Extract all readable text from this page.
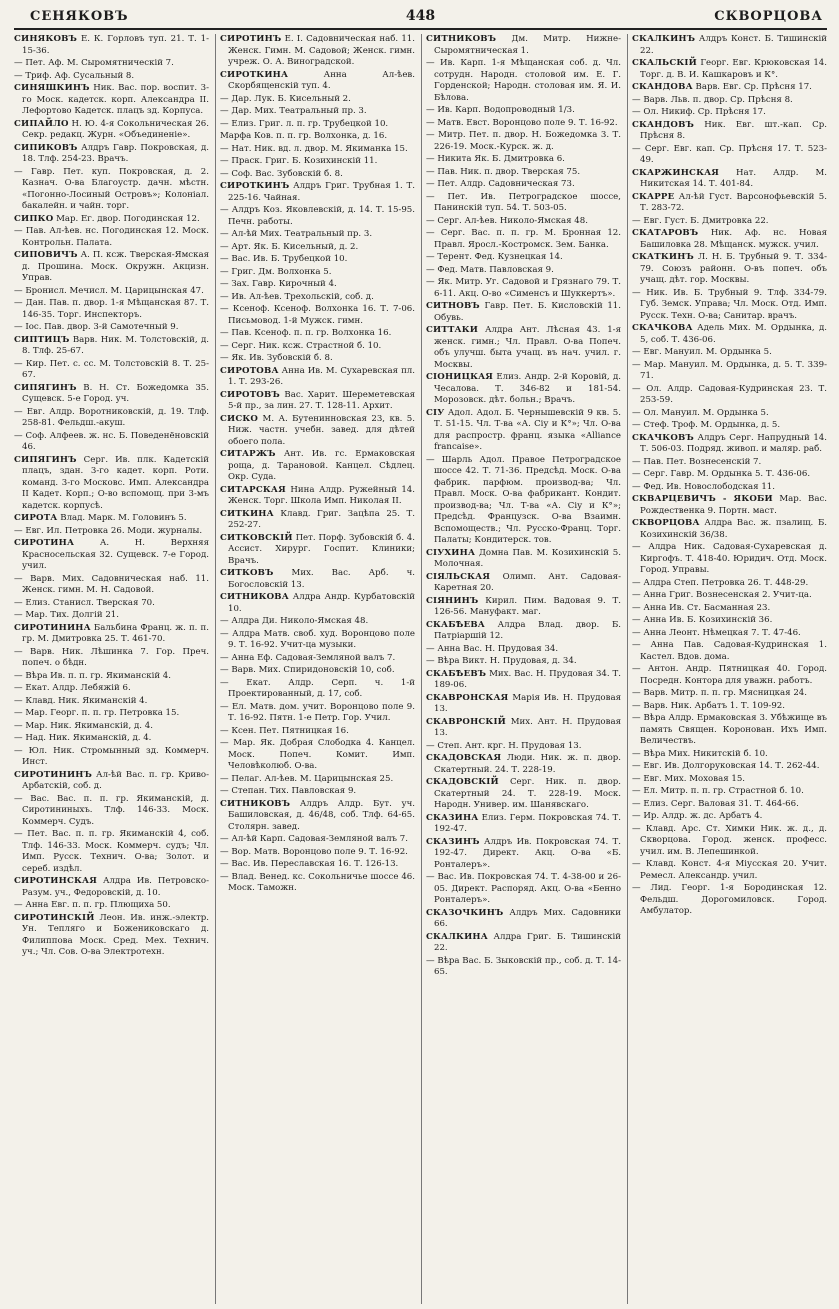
СЕНЯКОВЪ	448	СКВОРЦОВА

СИНЯКОВЪ Е. К. Горловъ туп. 21. Т. 1-15-36.

— Пет. Аф. М. Сыромятническій 7.

— Триф. Аф. Сусальный 8.

СИНЯШКИНЪ Ник. Вас. пор. воспит. 3-го Моск. кадетск. корп. Александра II. Лефортово Кадетск. плацъ зд. Корпуса.

СИПАЙЛО Н. Ю. 4-я Сокольническая 26. Секр. редакц. Журн. «Объединеніе».

СИПИКОВЪ Алдръ Гавр. Покровская, д. 18. Тлф. 254-23. Врачъ.

— Гавр. Пет. куп. Покровская, д. 2. Казнач. О-ва Благоустр. дачн. мѣстн. «Погонно-Лосиный Островъ»; Колоніал. бакалейн. и чайн. торг.

СИПКО Мар. Ег. двор. Погодинская 12.

— Пав. Ал-ѣев. нс. Погодинская 12. Моск. Контрольн. Палата.

СИПОВИЧЪ А. П. ксж. Тверская-Ямская д. Прошина. Моск. Окружн. Акцизн. Управ.

— Бронисл. Мечисл. М. Царицынская 47.

— Дан. Пав. п. двор. 1-я Мѣщанская 87. Т. 146-35. Торг. Инспекторъ.

— Іос. Пав. двор. 3-й Самотечный 9.

СИПТИЦЪ Варв. Ник. М. Толстовскій, д. 8. Тлф. 25-67.

— Кир. Пет. с. сс. М. Толстовскій 8. Т. 25-67.

СИПЯГИНЪ В. Н. Ст. Божедомка 35. Сущевск. 5-е Город. уч.

— Евг. Алдр. Воротниковскій, д. 19. Тлф. 258-81. Фельдш.-акуш.

— Соф. Алфеев. ж. нс. Б. Поведенёновскій 46.

СИПЯГИНЪ Серг. Ив. плк. Кадетскій плацъ, здан. 3-го кадет. корп. Роти. команд. 3-го Московс. Имп. Александра II Кадет. Корп.; О-во вспомощ. при 3-мъ кадетск. корпусѣ.

СИРОТА Влад. Марк. М. Головинъ 5.

— Евг. Ил. Петровка 26. Моди. журналы.

СИРОТИНА А. Н. Верхняя Красносельская 32. Сущевск. 7-е Город. учил.

— Варв. Мих. Садовническая наб. 11. Женск. гимн. М. Н. Садовой.

— Елиз. Станисл. Тверская 70.

— Мар. Тих. Долгій 21.

СИРОТИНИНА Бальбина Франц. ж. п. п. гр. М. Дмитровка 25. Т. 461-70.

— Варв. Ник. Лѣшинка 7. Гор. Преч. попеч. о бѣдн.

— Вѣра Ив. п. п. гр. Якиманскій 4.

— Екат. Алдр. Лебяжій 6.

— Клавд. Ник. Якиманскій 4.

— Мар. Георг. п. п. гр. Петровка 15.

— Мар. Ник. Якиманскій, д. 4.

— Над. Ник. Якиманскій, д. 4.

— Юл. Ник. Стромынный зд. Коммерч. Инст.

СИРОТИНИНЪ Ал-ѣй Вас. п. гр. Криво-Арбатскій, соб. д.

— Вас. Вас. п. п. гр. Якиманскій, д. Сиротининыхъ. Тлф. 146-33. Моск. Коммерч. Судъ.

— Пет. Вас. п. п. гр. Якиманскій 4, соб. Тлф. 146-33. Моск. Коммерч. судъ; Чл. Имп. Русск. Технич. О-ва; Золот. и сереб. издѣл.

СИРОТИНСКАЯ Алдра Ив. Петровско-Разум. уч., Федоровскій, д. 10.

— Анна Евг. п. п. гр. Плющиха 50.

СИРОТИНСКІЙ Леон. Ив. инж.-электр. Ун. Тепляго и Божениковскаго д. Филиппова Моск. Сред. Мех. Технич. уч.; Чл. Сов. О-ва Электротехн.

СИРОТИНЪ Е. І. Садовническая наб. 11. Женск. Гимн. М. Садовой; Женск. гимн. учреж. О. А. Виноградской.

СИРОТКИНА Анна Ал-ѣев. Скорбященскій туп. 4.

— Дар. Лук. Б. Кисельный 2.

— Дар. Мих. Театральный пр. 3.

— Елиз. Григ. л. п. гр. Трубецкой 10.

Марфа Ков. п. п. гр. Волхонка, д. 16.

— Нат. Ник. вд. л. двор. М. Якиманка 15.

— Праск. Григ. Б. Козихинскій 11.

— Соф. Вас. Зубовскій б. 8.

СИРОТКИНЪ Алдръ Григ. Трубная 1. Т. 225-16. Чайная.

— Алдръ Коз. Яковлевскій, д. 14. Т. 15-95. Печн. работы.

— Ал-ѣй Мих. Театральный пр. 3.

— Арт. Як. Б. Кисельный, д. 2.

— Вас. Ив. Б. Трубецкой 10.

— Григ. Дм. Волхонка 5.

— Зах. Гавр. Кирочный 4.

— Ив. Ал-ѣев. Трехольскій, соб. д.

— Ксеноф. Ксеноф. Волхонка 16. Т. 7-06. Письмовод. 1-й Мужск. гимн.

— Пав. Ксеноф. п. п. гр. Волхонка 16.

— Серг. Ник. ксж. Страстной б. 10.

— Як. Ив. Зубовскій б. 8.

СИРОТОВА Анна Ив. М. Сухаревская пл. 1. Т. 293-26.

СИРОТОВЪ Вас. Харит. Шереметевская 5-й пр., за лин. 27. Т. 128-11. Архит.

СИСКО М. А. Бутенинновская 23, кв. 5. Ниж. частн. учебн. завед. для дѣтей обоего пола.

СИТАРЖЪ Ант. Ив. гс. Ермаковская роща, д. Тарановой. Канцел. Сѣдлец. Окр. Суда.

СИТАРСКАЯ Нина Алдр. Ружейный 14. Женск. Торг. Школа Имп. Николая II.

СИТКИНА Клавд. Григ. Зацѣпа 25. Т. 252-27.

СИТКОВСКІЙ Пет. Порф. Зубовскій б. 4. Ассист. Хирург. Госпит. Клиники; Врачъ.

СИТКОВЪ Мих. Вас. Арб. ч. Богословскій 13.

СИТНИКОВА Алдра Андр. Курбатовскій 10.

— Алдра Ди. Николо-Ямская 48.

— Алдра Матв. своб. худ. Воронцово поле 9. Т. 16-92. Учит-ца музыки.

— Анна Еф. Садовая-Земляной валъ 7.

— Варв. Мих. Спиридоновскій 10, соб.

— Екат. Алдр. Серп. ч. 1-й Проектированный, д. 17, соб.

— Ел. Матв. дом. учит. Воронцово поле 9. Т. 16-92. Пятн. 1-е Петр. Гор. Учил.

— Ксен. Пет. Пятницкая 16.

— Мар. Як. Добрая Слободка 4. Канцел. Моск. Попеч. Комит. Имп. Человѣколюб. О-ва.

— Пелаг. Ал-ѣев. М. Царицынская 25.

— Степан. Тих. Павловская 9.

СИТНИКОВЪ Алдръ Алдр. Бут. уч. Башиловская, д. 46/48, соб. Тлф. 64-65. Столярн. завед.

— Ал-ѣй Карп. Садовая-Земляной валъ 7.

— Вор. Матв. Воронцово поле 9. Т. 16-92.

— Вас. Ив. Переславская 16. Т. 126-13.

— Влад. Венед. кс. Сокольничье шоссе 46. Моск. Таможн.

СИТНИКОВЪ Дм. Митр. Нижне-Сыромятническая 1.

— Ив. Карп. 1-я Мѣщанская соб. д. Чл. сотрудн. Народн. столовой им. Е. Г. Горденской; Народн. столовая им. Я. И. Бѣлова.

— Ив. Карп. Водопроводный 1/3.

— Матв. Евст. Воронцово поле 9. Т. 16-92.

— Митр. Пет. п. двор. Н. Божедомка 3. Т. 226-19. Моск.-Курск. ж. д.

— Никита Як. Б. Дмитровка 6.

— Пав. Ник. п. двор. Тверская 75.

— Пет. Алдр. Садовническая 73.

— Пет. Ив. Петроградское шоссе, Панинскій туп. 54. Т. 503-05.

— Серг. Ал-ѣев. Николо-Ямская 48.

— Серг. Вас. п. п. гр. М. Бронная 12. Правл. Яросл.-Костромск. Зем. Банка.

— Терент. Фед. Кузнецкая 14.

— Фед. Матв. Павловская 9.

— Як. Митр. Уг. Садовой и Грязнаго 79. Т. 6-11. Акц. О-во «Сименсъ и Шуккертъ».

СИТНОВЪ Гавр. Пет. Б. Кисловскій 11. Обувь.

СИТТАКИ Алдра Ант. Лѣсная 43. 1-я женск. гимн.; Чл. Правл. О-ва Попеч. объ улучш. быта учащ. въ нач. учил. г. Москвы.

СІОНИЦКАЯ Елиз. Андр. 2-й Коровій, д. Чесалова. Т. 346-82 и 181-54. Морозовск. дѣт. больн.; Врачъ.

СІУ Адол. Адол. Б. Чернышевскій 9 кв. 5. Т. 51-15. Чл. Т-ва «А. Сіу и К°»; Чл. О-ва для распростр. франц. языка «Alliance francaise».

— Шарль Адол. Правое Петроградское шоссе 42. Т. 71-36. Предсѣд. Моск. О-ва фабрик. парфюм. производ-ва; Чл. Правл. Моск. О-ва фабрикант. Кондит. производ-ва; Чл. Т-ва «А. Сіу и К°»; Предсѣд. Французск. О-ва Взаимн. Вспомоществ.; Чл. Русско-Франц. Торг. Палаты; Кондитерск. тов.

СІУХИНА Домна Пав. М. Козихинскій 5. Молочная.

СІЯЛЬСКАЯ Олимп. Ант. Садовая-Каретная 20.

СІЯНИНЪ Кирил. Пим. Вадовая 9. Т. 126-56. Мануфакт. маг.

СКАБѢЕВА Алдра Влад. двор. Б. Патріаршій 12.

— Анна Вас. Н. Прудовая 34.

— Вѣра Викт. Н. Прудовая, д. 34.

СКАБѢЕВЪ Мих. Вас. Н. Прудовая 34. Т. 189-06.

СКАВРОНСКАЯ Марія Ив. Н. Прудовая 13.

СКАВРОНСКІЙ Мих. Ант. Н. Прудовая 13.

— Степ. Ант. крг. Н. Прудовая 13.

СКАДОВСКАЯ Люди. Ник. ж. п. двор. Скатертный. 24. Т. 228-19.

СКАДОВСКІЙ Серг. Ник. п. двор. Скатертный 24. Т. 228-19. Моск. Народн. Универ. им. Шанявскаго.

СКАЗИНА Елиз. Герм. Покровская 74. Т. 192-47.

СКАЗИНЪ Алдръ Ив. Покровская 74. Т. 192-47. Директ. Акц. О-ва «Б. Ронталеръ».

— Вас. Ив. Покровская 74. Т. 4-38-00 и 26-05. Директ. Распоряд. Акц. О-ва «Бенно Ронталеръ».

СКАЗОЧКИНЪ Алдръ Мих. Садовники 66.

СКАЛКИНА Алдра Григ. Б. Тишинскій 22.

— Вѣра Вас. Б. Зыковскій пр., соб. д. Т. 14-65.

СКАЛКИНЪ Алдръ Конст. Б. Тишинскій 22.

СКАЛЬСКІЙ Георг. Евг. Крюковская 14. Торг. д. В. И. Кашкаровъ и К°.

СКАНДОВА Варв. Евг. Ср. Прѣсня 17.

— Варв. Льв. п. двор. Ср. Прѣсня 8.

— Ол. Никиф. Ср. Прѣсня 17.

СКАНДОВЪ Ник. Евг. шт.-кап. Ср. Прѣсня 8.

— Серг. Евг. кап. Ср. Прѣсня 17. Т. 523-49.

СКАРЖИНСКАЯ Нат. Алдр. М. Никитская 14. Т. 401-84.

СКАРРЕ Ал-ѣй Густ. Варсонофьевскій 5. Т. 283-72.

— Евг. Густ. Б. Дмитровка 22.

СКАТАРОВЪ Ник. Аф. нс. Новая Башиловка 28. Мѣщанск. мужск. учил.

СКАТКИНЪ Л. Н. Б. Трубный 9. Т. 334-79. Союзъ районн. О-въ попеч. объ учащ. дѣт. гор. Москвы.

— Ник. Ив. Б. Трубный 9. Тлф. 334-79. Губ. Земск. Управа; Чл. Моск. Отд. Имп. Русск. Техн. О-ва; Санитар. врачъ.

СКАЧКОВА Адель Мих. М. Ордынка, д. 5, соб. Т. 436-06.

— Евг. Мануил. М. Ордынка 5.

— Мар. Мануил. М. Ордынка, д. 5. Т. 339-71.

— Ол. Алдр. Садовая-Кудринская 23. Т. 253-59.

— Ол. Мануил. М. Ордынка 5.

— Стеф. Троф. М. Ордынка, д. 5.

СКАЧКОВЪ Алдръ Серг. Напрудный 14. Т. 506-03. Подряд. живоп. и маляр. раб.

— Пав. Пет. Вознесенскій 7.

— Серг. Гавр. М. Ордынка 5. Т. 436-06.

— Фед. Ив. Новослободская 11.

СКВАРЦЕВИЧЪ - ЯКОБИ Мар. Вас. Рождественка 9. Портн. маст.

СКВОРЦОВА Алдра Вас. ж. пзалищ. Б. Козихинскій 36/38.

— Алдра Ник. Садовая-Сухаревская д. Киргофъ. Т. 418-40. Юридич. Отд. Моск. Город. Управы.

— Алдра Степ. Петровка 26. Т. 448-29.

— Анна Григ. Вознесенская 2. Учит-ца.

— Анна Ив. Ст. Басманная 23.

— Анна Ив. Б. Козихинскій 36.

— Анна Леонт. Нѣмецкая 7. Т. 47-46.

— Анна Пав. Садовая-Кудринская 1. Кастел. Вдов. дома.

— Антон. Андр. Пятницкая 40. Город. Посредн. Контора для уважн. работъ.

— Варв. Митр. п. п. гр. Мясницкая 24.

— Варв. Ник. Арбатъ 1. Т. 109-92.

— Вѣра Алдр. Ермаковская 3. Убѣжище въ память Священ. Коронован. Ихъ Имп. Величествъ.

— Вѣра Мих. Никитскій б. 10.

— Евг. Ив. Долгоруковская 14. Т. 262-44.

— Евг. Мих. Моховая 15.

— Ел. Митр. п. п. гр. Страстной б. 10.

— Елиз. Серг. Валовая 31. Т. 464-66.

— Ир. Алдр. ж. дс. Арбатъ 4.

— Клавд. Арс. Ст. Химки Ник. ж. д., д. Скворцова. Город. женск. професс. учил. им. В. Лепешинкой.

— Клавд. Конст. 4-я Міусская 20. Учит. Ремесл. Александр. учил.

— Лид. Георг. 1-я Бородинская 12. Фельдш. Дорогомиловск. Город. Амбулатор.
